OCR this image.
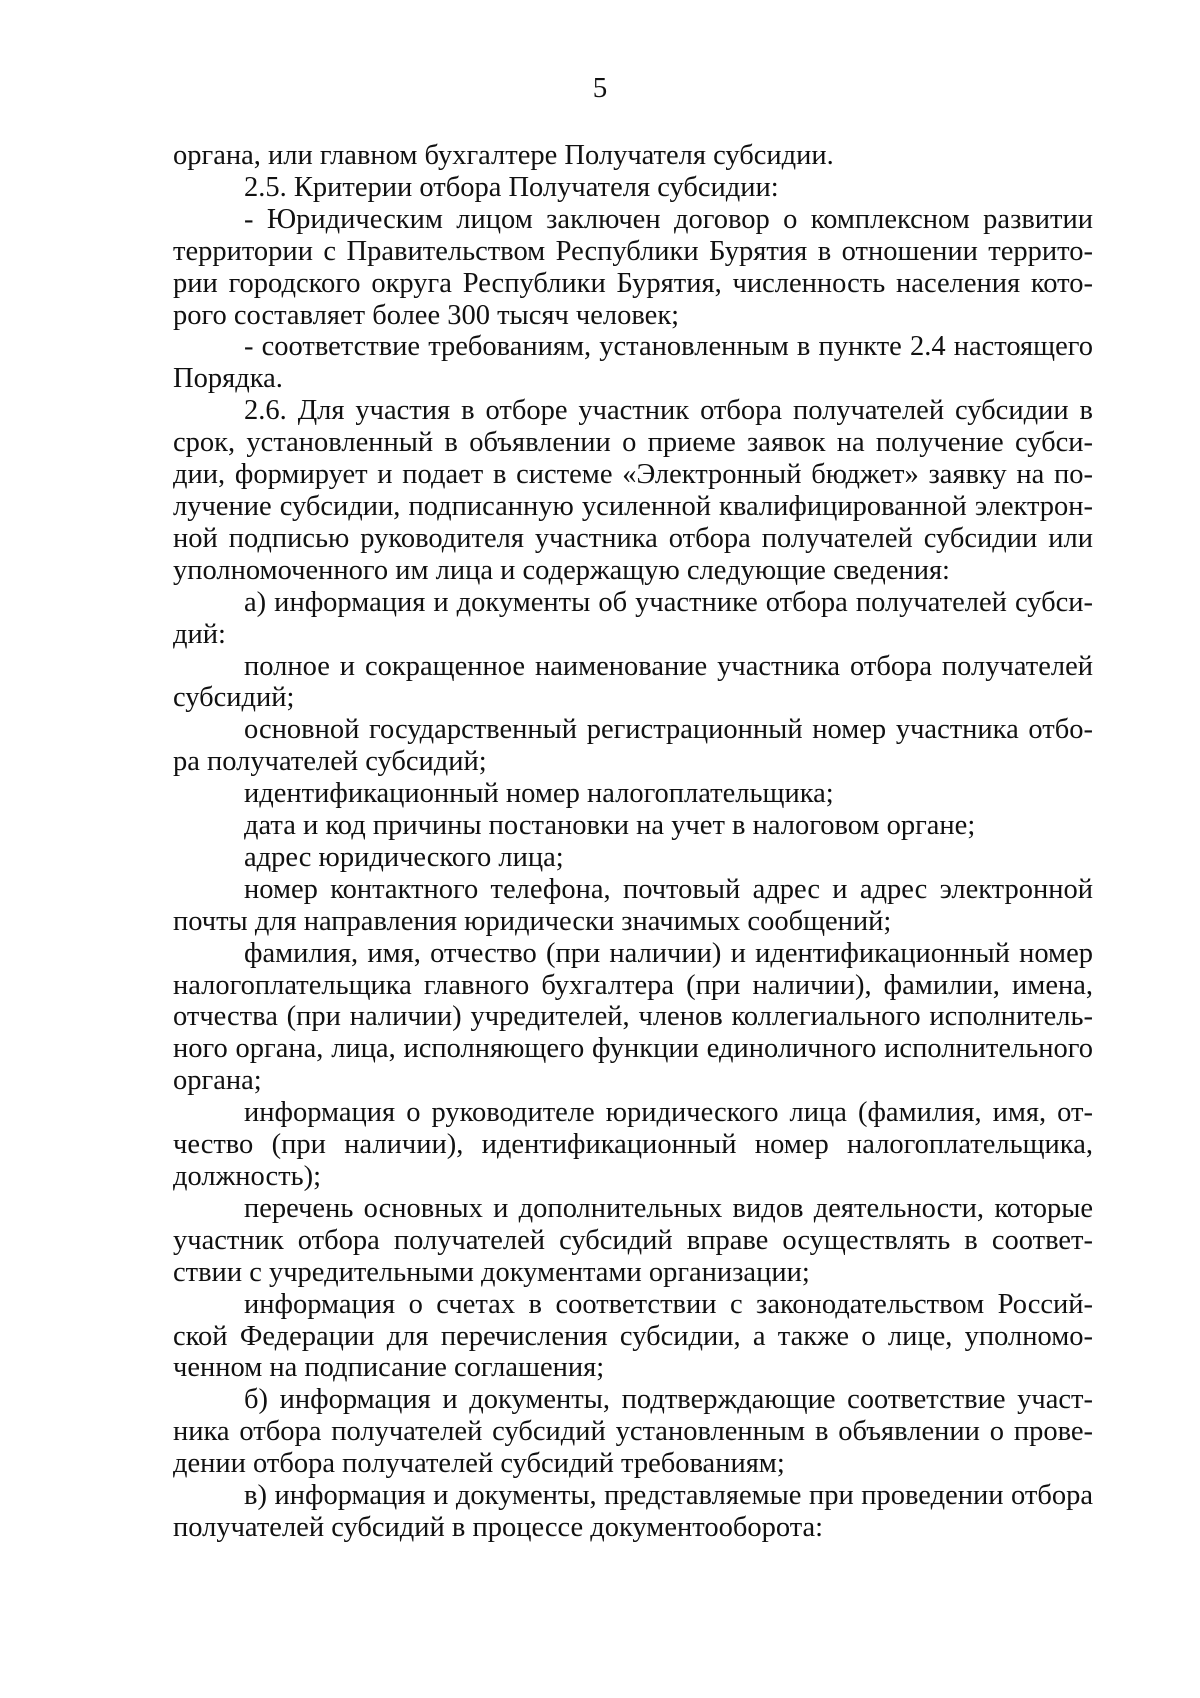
5
органа, или главном бухгалтере Получателя субсидии.
2.5. Критерии отбора Получателя субсидии:
- Юридическим лицом заключен договор о комплексном развитии
территории с Правительством Республики Бурятия в отношении террито-
рии городского округа Республики Бурятия, численность населения кото-
рого составляет более 300 тысяч человек;
- соответствие требованиям, установленным в пункте 2.4 настоящего
Порядка.
2.6. Для участия в отборе участник отбора получателей субсидии в
срок, установленный в объявлении о приеме заявок на получение субси-
дии, формирует и подает в системе «Электронный бюджет» заявку на по-
лучение субсидии, подписанную усиленной квалифицированной электрон-
ной подписью руководителя участника отбора получателей субсидии или
уполномоченного им лица и содержащую следующие сведения:
а) информация и документы об участнике отбора получателей субси-
дий:
полное и сокращенное наименование участника отбора получателей
субсидий;
основной государственный регистрационный номер участника отбо-
ра получателей субсидий;
идентификационный номер налогоплательщика;
дата и код причины постановки на учет в налоговом органе;
адрес юридического лица;
номер контактного телефона, почтовый адрес и адрес электронной
почты для направления юридически значимых сообщений;
фамилия, имя, отчество (при наличии) и идентификационный номер
налогоплательщика главного бухгалтера (при наличии), фамилии, имена,
отчества (при наличии) учредителей, членов коллегиального исполнитель-
ного органа, лица, исполняющего функции единоличного исполнительного
органа;
информация о руководителе юридического лица (фамилия, имя, от-
чество (при наличии), идентификационный номер налогоплательщика,
должность);
перечень основных и дополнительных видов деятельности, которые
участник отбора получателей субсидий вправе осуществлять в соответ-
ствии с учредительными документами организации;
информация о счетах в соответствии с законодательством Россий-
ской Федерации для перечисления субсидии, а также о лице, уполномо-
ченном на подписание соглашения;
б) информация и документы, подтверждающие соответствие участ-
ника отбора получателей субсидий установленным в объявлении о прове-
дении отбора получателей субсидий требованиям;
в) информация и документы, представляемые при проведении отбора
получателей субсидий в процессе документооборота:
